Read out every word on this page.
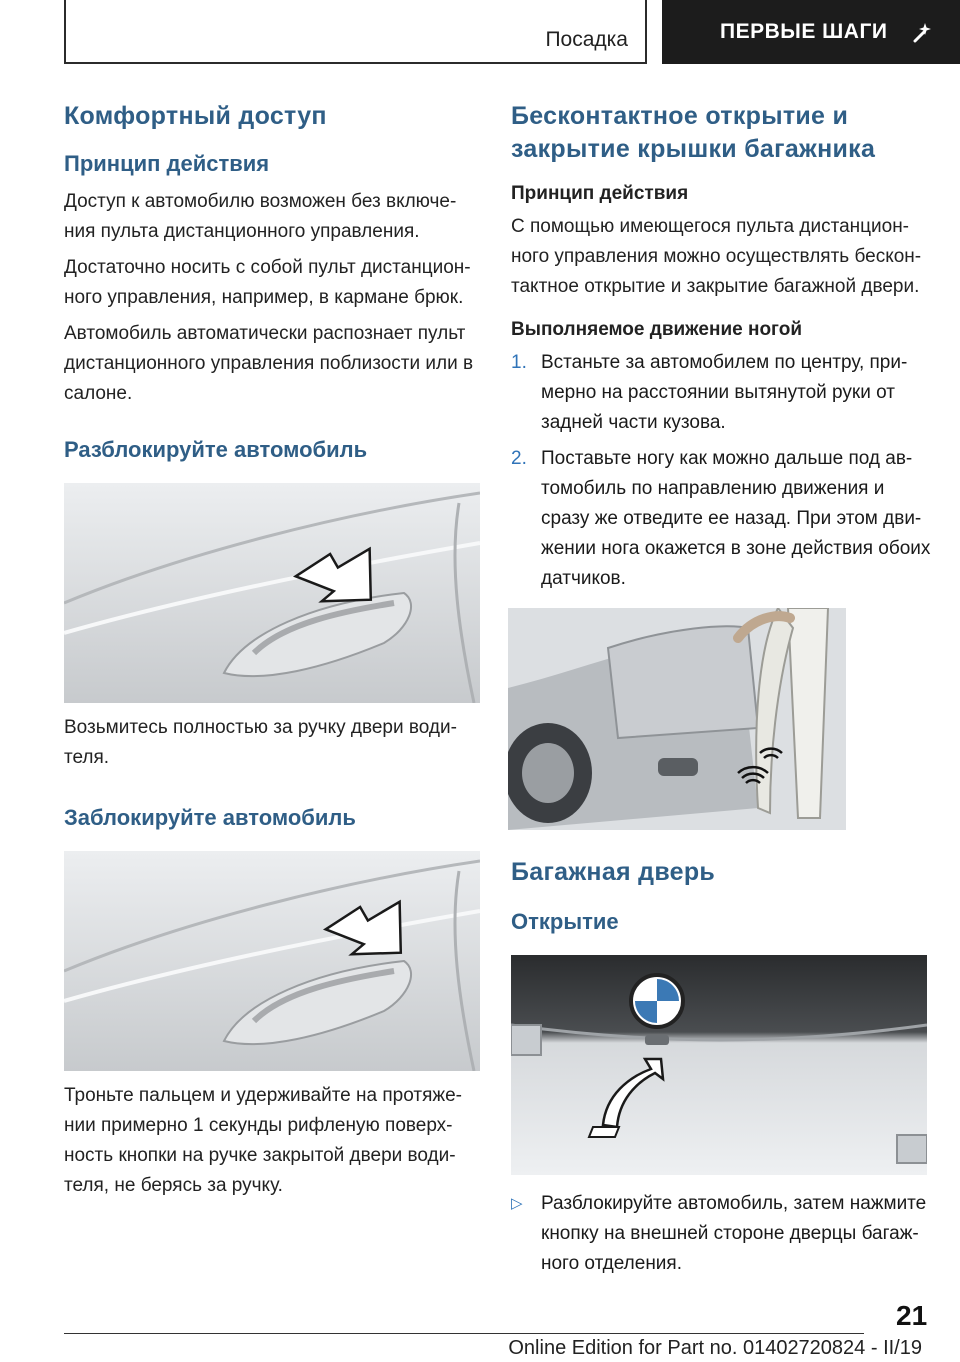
Посадка	ПЕРВЫЕ ШАГИ
Комфортный доступ
Принцип действия

Доступ к автомобилю возможен без включе-ния пульта дистанционного управления.

Достаточно носить с собой пульт дистанцион-ного управления, например, в кармане брюк.

Автомобиль автоматически распознает пульт дистанционного управления поблизости или в салоне.

Разблокируйте автомобиль

Возьмитесь полностью за ручку двери води-теля.

Заблокируйте автомобиль

Троньте пальцем и удерживайте на протяже-нии примерно 1 секунды рифленую поверх-ность кнопки на ручке закрытой двери води-теля, не берясь за ручку.

Бесконтактное открытие и закрытие крышки багажника
Принцип действия

С помощью имеющегося пульта дистанцион-ного управления можно осуществлять бескон-тактное открытие и закрытие багажной двери.

Выполняемое движение ногой
1. Встаньте за автомобилем по центру, при-мерно на расстоянии вытянутой руки от задней части кузова.
2. Поставьте ногу как можно дальше под ав-томобиль по направлению движения и сразу же отведите ее назад. При этом дви-жении нога окажется в зоне действия обоих датчиков.
Багажная дверь
Открытие
▷ Разблокируйте автомобиль, затем нажмите кнопку на внешней стороне дверцы багаж-ного отделения.
21
Online Edition for Part no. 01402720824 - II/19
